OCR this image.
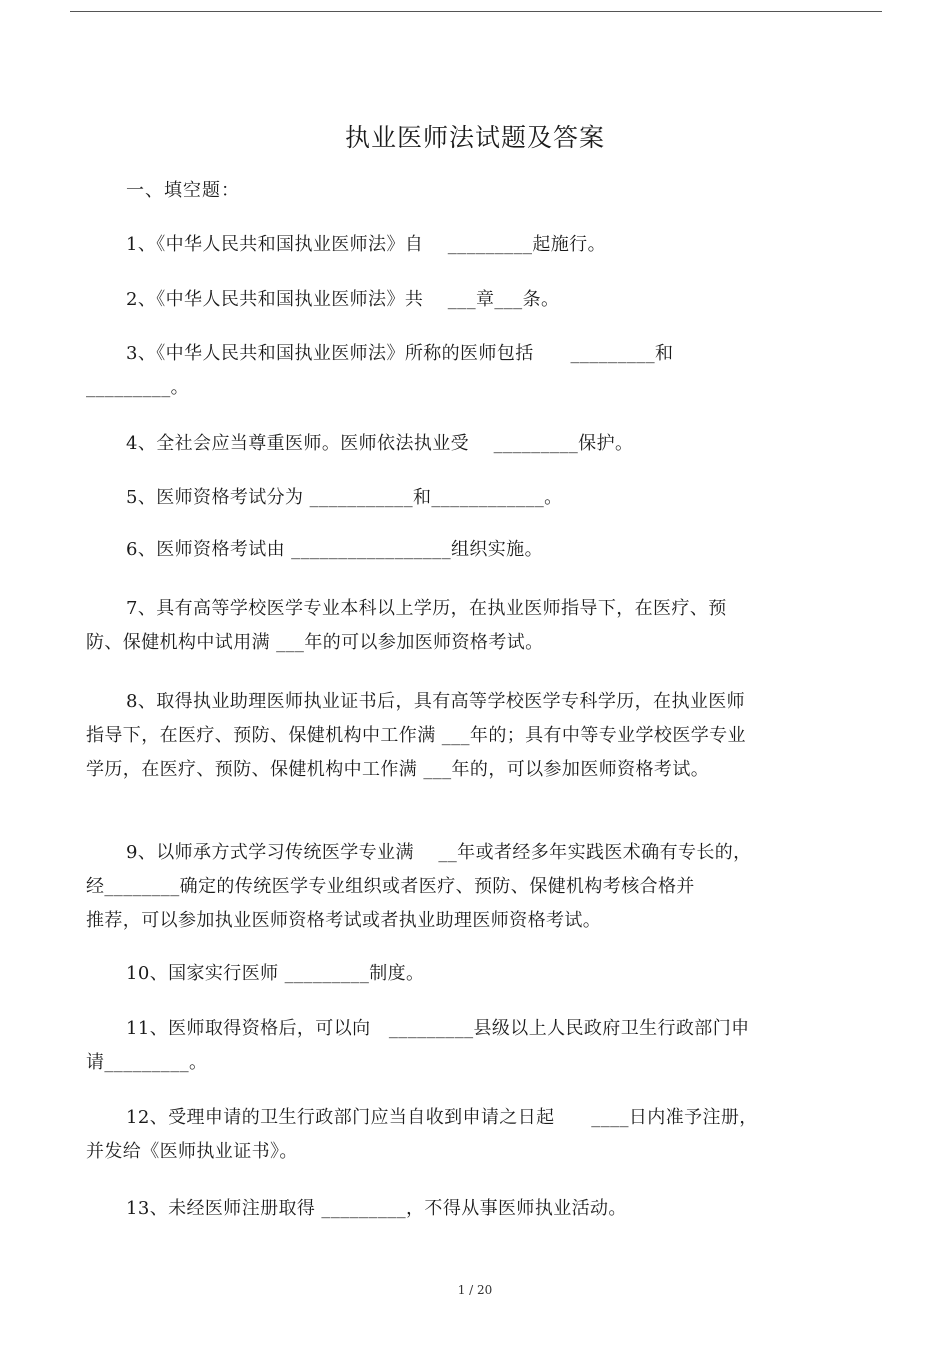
执业医师法试题及答案
一、填空题：
1、《中华人民共和国执业医师法》自　 _________起施行。
2、《中华人民共和国执业医师法》共　 ___章___条。
3、《中华人民共和国执业医师法》所称的医师包括　　_________和
_________。
4、全社会应当尊重医师。医师依法执业受　 _________保护。
5、医师资格考试分为 ___________和____________。
6、医师资格考试由 _________________组织实施。
7、具有高等学校医学专业本科以上学历，在执业医师指导下，在医疗、预
防、保健机构中试用满 ___年的可以参加医师资格考试。
8、取得执业助理医师执业证书后，具有高等学校医学专科学历，在执业医师
指导下，在医疗、预防、保健机构中工作满 ___年的；具有中等专业学校医学专业
学历，在医疗、预防、保健机构中工作满 ___年的，可以参加医师资格考试。
9、以师承方式学习传统医学专业满　 __年或者经多年实践医术确有专长的，
经________确定的传统医学专业组织或者医疗、预防、保健机构考核合格并
推荐，可以参加执业医师资格考试或者执业助理医师资格考试。
10、国家实行医师 _________制度。
11、医师取得资格后，可以向　_________县级以上人民政府卫生行政部门申
请_________。
12、受理申请的卫生行政部门应当自收到申请之日起　　____日内准予注册，
并发给《医师执业证书》。
13、未经医师注册取得 _________，不得从事医师执业活动。
1 / 20
